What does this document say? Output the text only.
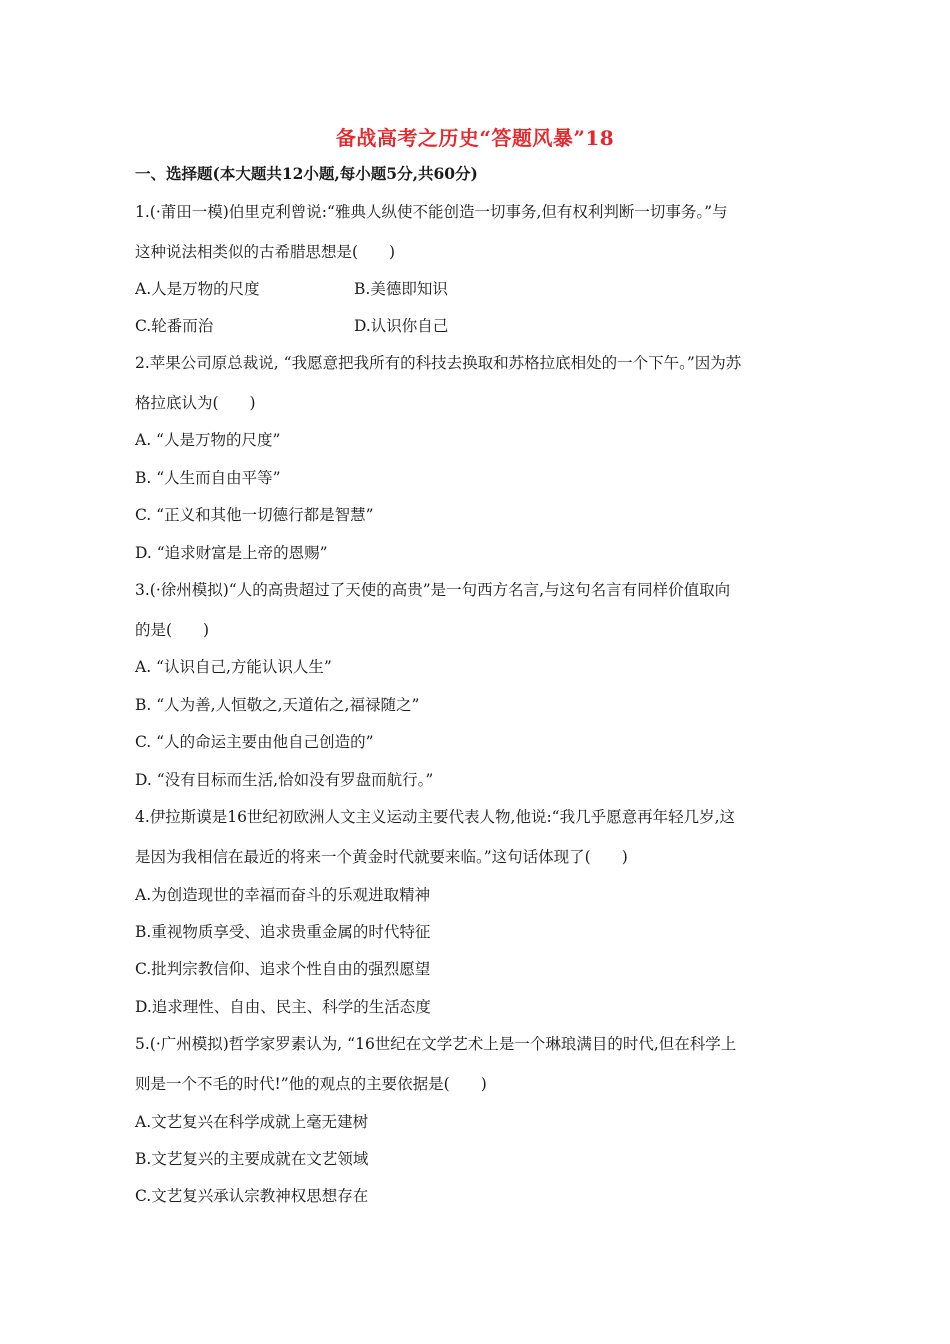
备战高考之历史“答题风暴”18
一、选择题(本大题共12小题,每小题5分,共60分)
1.(·莆田一模)伯里克利曾说:“雅典人纵使不能创造一切事务,但有权利判断一切事务。”与
这种说法相类似的古希腊思想是(　　)
A.人是万物的尺度	B.美德即知识
C.轮番而治	D.认识你自己
2.苹果公司原总裁说, “我愿意把我所有的科技去换取和苏格拉底相处的一个下午。”因为苏
格拉底认为(　　)
A. “人是万物的尺度”
B. “人生而自由平等”
C. “正义和其他一切德行都是智慧”
D. “追求财富是上帝的恩赐”
3.(·徐州模拟)“人的高贵超过了天使的高贵”是一句西方名言,与这句名言有同样价值取向
的是(　　)
A. “认识自己,方能认识人生”
B. “人为善,人恒敬之,天道佑之,福禄随之”
C. “人的命运主要由他自己创造的”
D. “没有目标而生活,恰如没有罗盘而航行。”
4.伊拉斯谟是16世纪初欧洲人文主义运动主要代表人物,他说:“我几乎愿意再年轻几岁,这
是因为我相信在最近的将来一个黄金时代就要来临。”这句话体现了(　　)
A.为创造现世的幸福而奋斗的乐观进取精神
B.重视物质享受、追求贵重金属的时代特征
C.批判宗教信仰、追求个性自由的强烈愿望
D.追求理性、自由、民主、科学的生活态度
5.(·广州模拟)哲学家罗素认为, “16世纪在文学艺术上是一个琳琅满目的时代,但在科学上
则是一个不毛的时代!”他的观点的主要依据是(　　)
A.文艺复兴在科学成就上毫无建树
B.文艺复兴的主要成就在文艺领域
C.文艺复兴承认宗教神权思想存在
